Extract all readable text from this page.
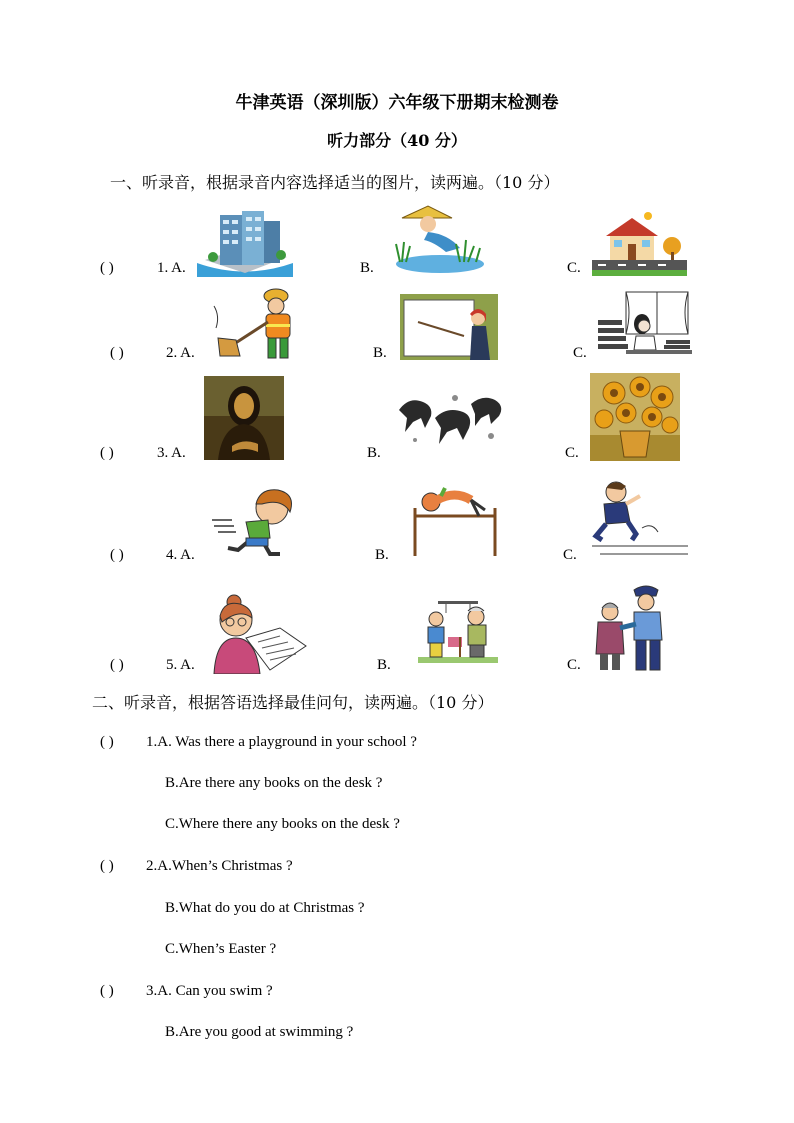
牛津英语（深圳版）六年级下册期末检测卷
听力部分（40 分）
一、听录音，根据录音内容选择适当的图片，读两遍。（10 分）
( )	1. A.	B.	C.
( )	2. A.	B.	C.
( )	3. A.	B.	C.
( )	4. A.	B.	C.
( )	5. A.	B.	C.
二、听录音，根据答语选择最佳问句，读两遍。（10 分）
( ) 1.A. Was there a playground in your school ?
B.Are there any books on the desk ?
C.Where there any books on the desk ?
( ) 2.A.When’s Christmas ?
B.What do you do at Christmas ?
C.When’s Easter ?
( ) 3.A. Can you swim ?
B.Are you good at swimming ?
